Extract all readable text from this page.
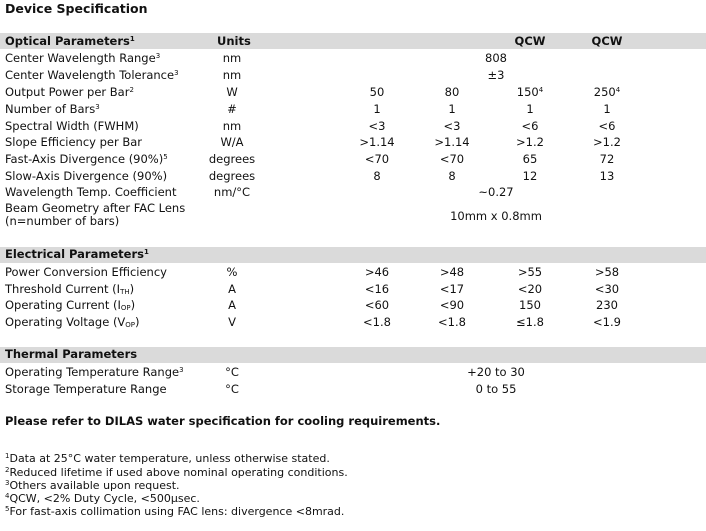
Device Specification
Optical Parameters$^1$	Units	QCW	QCW
Center Wavelength Range$^3$	nm	808
Center Wavelength Tolerance$^3$	nm	±3
Output Power per Bar$^2$	W	50	80	$150^4$	$250^4$
Number of Bars$^3$	#	1	1	1	1
Spectral Width (FWHM)	nm	<3	<3	<6	<6
Slope Efficiency per Bar	W/A	>1.14	>1.14	>1.2	>1.2
Fast-Axis Divergence $(90\%)^5$	degrees	<70	<70	65	72
Slow-Axis Divergence (90%)	degrees	8	8	12	13
Wavelength Temp. Coefficient	nm/°C	~0.27
Beam Geometry after FAC Lens
(n=number of bars)	10mm x 0.8mm
Electrical Parameters$^1$
Power Conversion Efficiency	%	>46	>48	>55	>58
Threshold Current $(I_{TH})$	A	<16	<17	<20	<30
Operating Current $(I_{OP})$	A	<60	<90	150	230
Operating Voltage $(V_{OP})$	V	<1.8	<1.8	≤1.8	<1.9
Thermal Parameters
Operating Temperature Range$^3$	°C	+20 to 30
Storage Temperature Range	°C	0 to 55
Please refer to DILAS water specification for cooling requirements.
$^1$Data at 25°C water temperature, unless otherwise stated.
$^2$Reduced lifetime if used above nominal operating conditions.
$^3$Others available upon request.
$^4$QCW, <2% Duty Cycle, <500µsec.
$^5$For fast-axis collimation using FAC lens: divergence <8mrad.
